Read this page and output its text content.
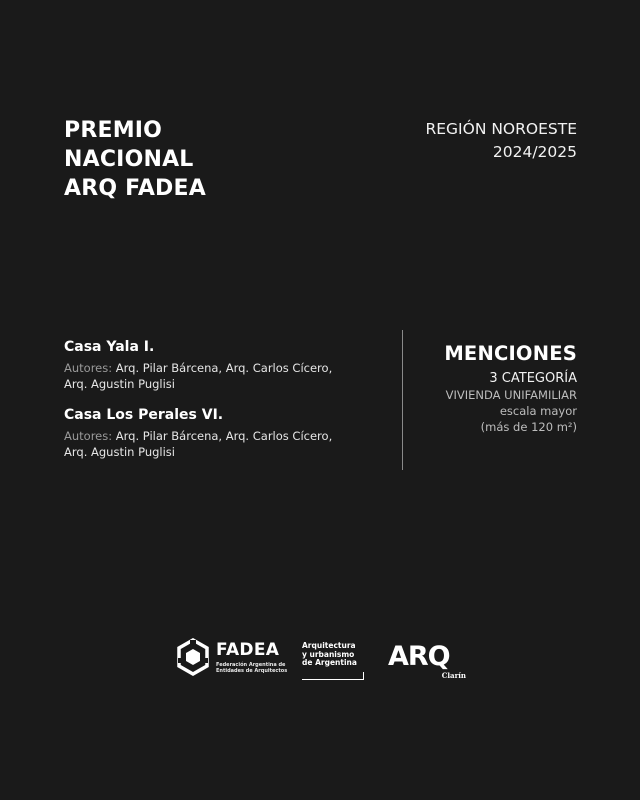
PREMIO
NACIONAL
ARQ FADEA
REGIÓN NOROESTE
2024/2025
Casa Yala I.
Autores: Arq. Pilar Bárcena, Arq. Carlos Cícero,
Arq. Agustin Puglisi
Casa Los Perales VI.
Autores: Arq. Pilar Bárcena, Arq. Carlos Cícero,
Arq. Agustin Puglisi
MENCIONES
3 CATEGORÍA
VIVIENDA UNIFAMILIAR
escala mayor
(más de 120 m²)
FADEA
Federación Argentina de
Entidades de Arquitectos
Arquitectura
y urbanismo
de Argentina	ARQ
Clarín
